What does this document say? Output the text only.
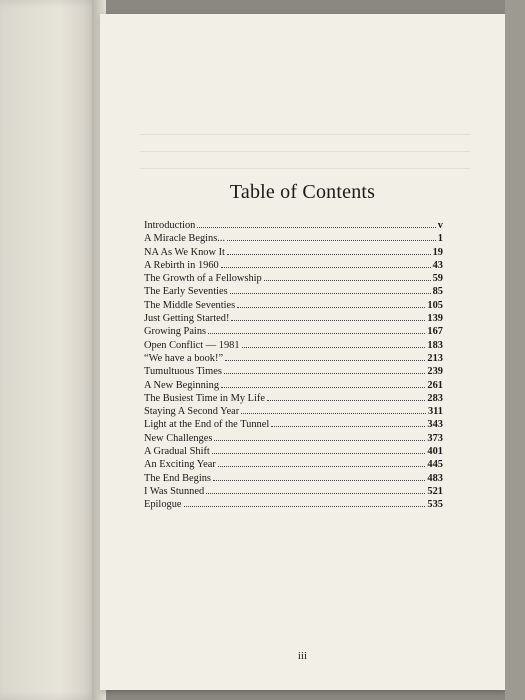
Table of Contents
Introduction	v
A Miracle Begins...	1
NA As We Know It	19
A Rebirth in 1960	43
The Growth of a Fellowship	59
The Early Seventies	85
The Middle Seventies	105
Just Getting Started!	139
Growing Pains	167
Open Conflict — 1981	183
“We have a book!”	213
Tumultuous Times	239
A New Beginning	261
The Busiest Time in My Life	283
Staying A Second Year	311
Light at the End of the Tunnel	343
New Challenges	373
A Gradual Shift	401
An Exciting Year	445
The End Begins	483
I Was Stunned	521
Epilogue	535
iii
